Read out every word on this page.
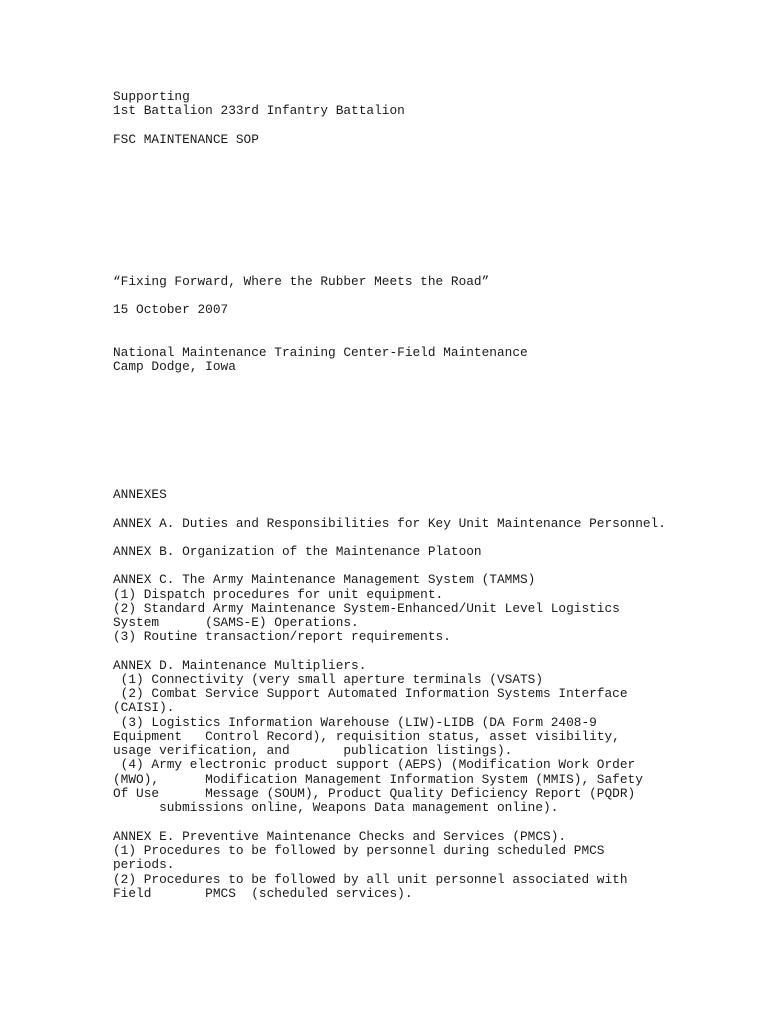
Supporting

1st Battalion 233rd Infantry Battalion

FSC MAINTENANCE SOP

“Fixing Forward, Where the Rubber Meets the Road”

15 October 2007

National Maintenance Training Center-Field Maintenance

Camp Dodge, Iowa

ANNEXES

ANNEX A. Duties and Responsibilities for Key Unit Maintenance Personnel.

ANNEX B. Organization of the Maintenance Platoon

ANNEX C. The Army Maintenance Management System (TAMMS)

(1) Dispatch procedures for unit equipment.

(2) Standard Army Maintenance System-Enhanced/Unit Level Logistics

System      (SAMS-E) Operations.

(3) Routine transaction/report requirements.

ANNEX D. Maintenance Multipliers.

(1) Connectivity (very small aperture terminals (VSATS)

(2) Combat Service Support Automated Information Systems Interface

(CAISI).

(3) Logistics Information Warehouse (LIW)-LIDB (DA Form 2408-9

Equipment   Control Record), requisition status, asset visibility,

usage verification, and       publication listings).

(4) Army electronic product support (AEPS) (Modification Work Order

(MWO),      Modification Management Information System (MMIS), Safety

Of Use      Message (SOUM), Product Quality Deficiency Report (PQDR)

submissions online, Weapons Data management online).

ANNEX E. Preventive Maintenance Checks and Services (PMCS).

(1) Procedures to be followed by personnel during scheduled PMCS

periods.

(2) Procedures to be followed by all unit personnel associated with

Field       PMCS  (scheduled services).
